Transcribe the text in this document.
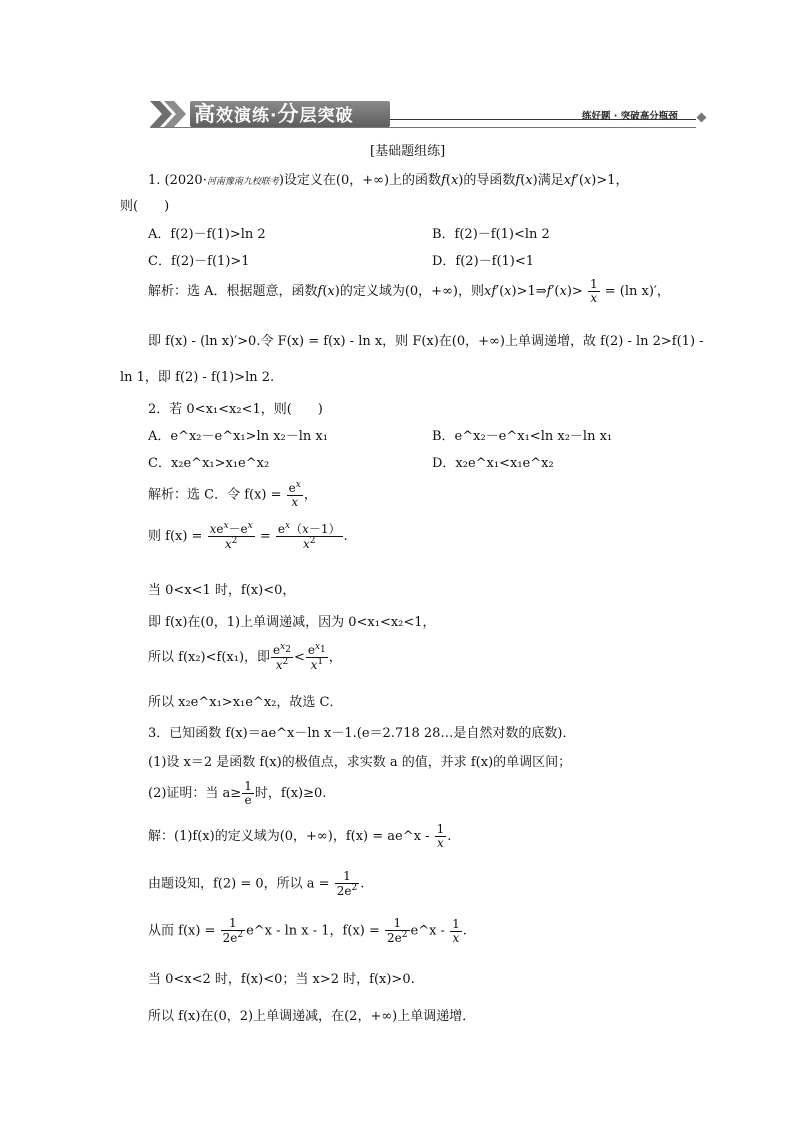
高效演练·分层突破	练好题 · 突破高分瓶颈
[基础题组练]
1. (2020·河南豫南九校联考)设定义在(0，+∞)上的函数f(x)的导函数f(x)满足xf′(x)>1，
则(　　)
A．f(2)－f(1)>ln 2	B．f(2)－f(1)<ln 2
C．f(2)－f(1)>1	D．f(2)－f(1)<1
解析：选 A．根据题意，函数f(x)的定义域为(0，+∞)，则xf′(x)>1⇒f′(x)> $\frac{1}{x} = (\ln$ x)′，
即 f(x) - (ln x)′>0.令 F(x) = f(x) - ln x，则 F(x)在(0，+∞)上单调递增，故 f(2) - ln 2>f(1) -
ln 1，即 f(2) - f(1)>ln 2.
2．若 0<x₁<x₂<1，则(　　)
A．e^x₂－e^x₁>ln x₂－ln x₁	B．e^x₂－e^x₁<ln x₂－ln x₁
C．x₂e^x₁>x₁e^x₂	D．x₂e^x₁<x₁e^x₂
解析：选 C．令 $f(x) = \frac{e^x}{x}$ ，
则 $f(x) = \frac{xe^x-e^x}{x^2} = \frac{e^x(x-1)}{x^2}$ .
当 0<x<1 时，f(x)<0，
即 f(x)在(0，1)上单调递减，因为 0<x₁<x₂<1，
所以 f(x₂)<f(x₁)，即 $\frac{e^{x_2}}{x^2} < \frac{e^{x_1}}{x^1}$ ，
所以 x₂e^x₁>x₁e^x₂，故选 C．
3．已知函数 f(x)＝ae^x－ln x－1.(e＝2.718 28…是自然对数的底数)．
(1)设 x＝2 是函数 f(x)的极值点，求实数 a 的值，并求 f(x)的单调区间；
(2)证明：当 $a\ge \frac{1}{e}$ 时，f(x)≥0.
解：(1)f(x)的定义域为(0，+∞)，f(x) = ae^x - $\frac{1}{x}$ .
由题设知，f(2) = 0，所以 $a = \frac{1}{2e^2}$ .
从而 $f(x) = \frac{1}{2e^2}$ e^x - ln x - 1，$f(x) = \frac{1}{2e^2}$ e^x - $\frac{1}{x}$ .
当 0<x<2 时，f(x)<0；当 x>2 时，f(x)>0.
所以 f(x)在(0，2)上单调递减，在(2，+∞)上单调递增．
